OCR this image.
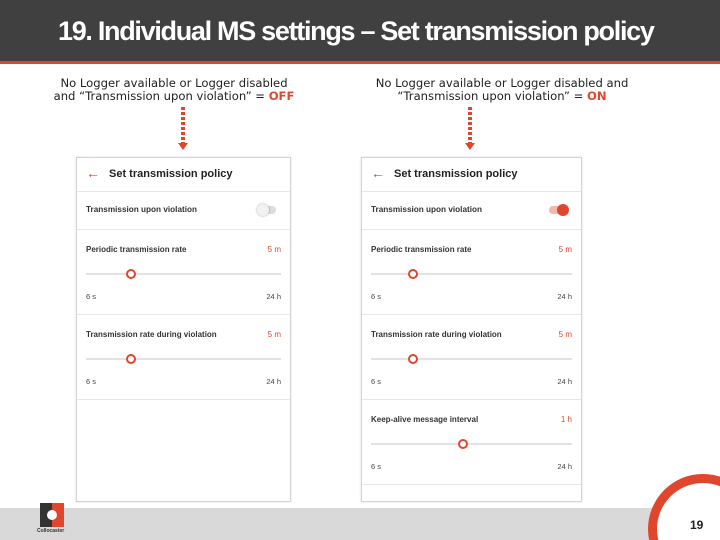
19. Individual MS settings – Set transmission policy
No Logger available or Logger disabled
and “Transmission upon violation” = OFF
No Logger available or Logger disabled and
“Transmission upon violation” = ON
← Set transmission policy
Transmission upon violation
Periodic transmission rate	5 m
6 s	24 h
Transmission rate during violation	5 m
6 s	24 h
← Set transmission policy
Transmission upon violation
Periodic transmission rate	5 m
6 s	24 h
Transmission rate during violation	5 m
6 s	24 h
Keep-alive message interval	1 h
6 s	24 h
Collocaster	19
